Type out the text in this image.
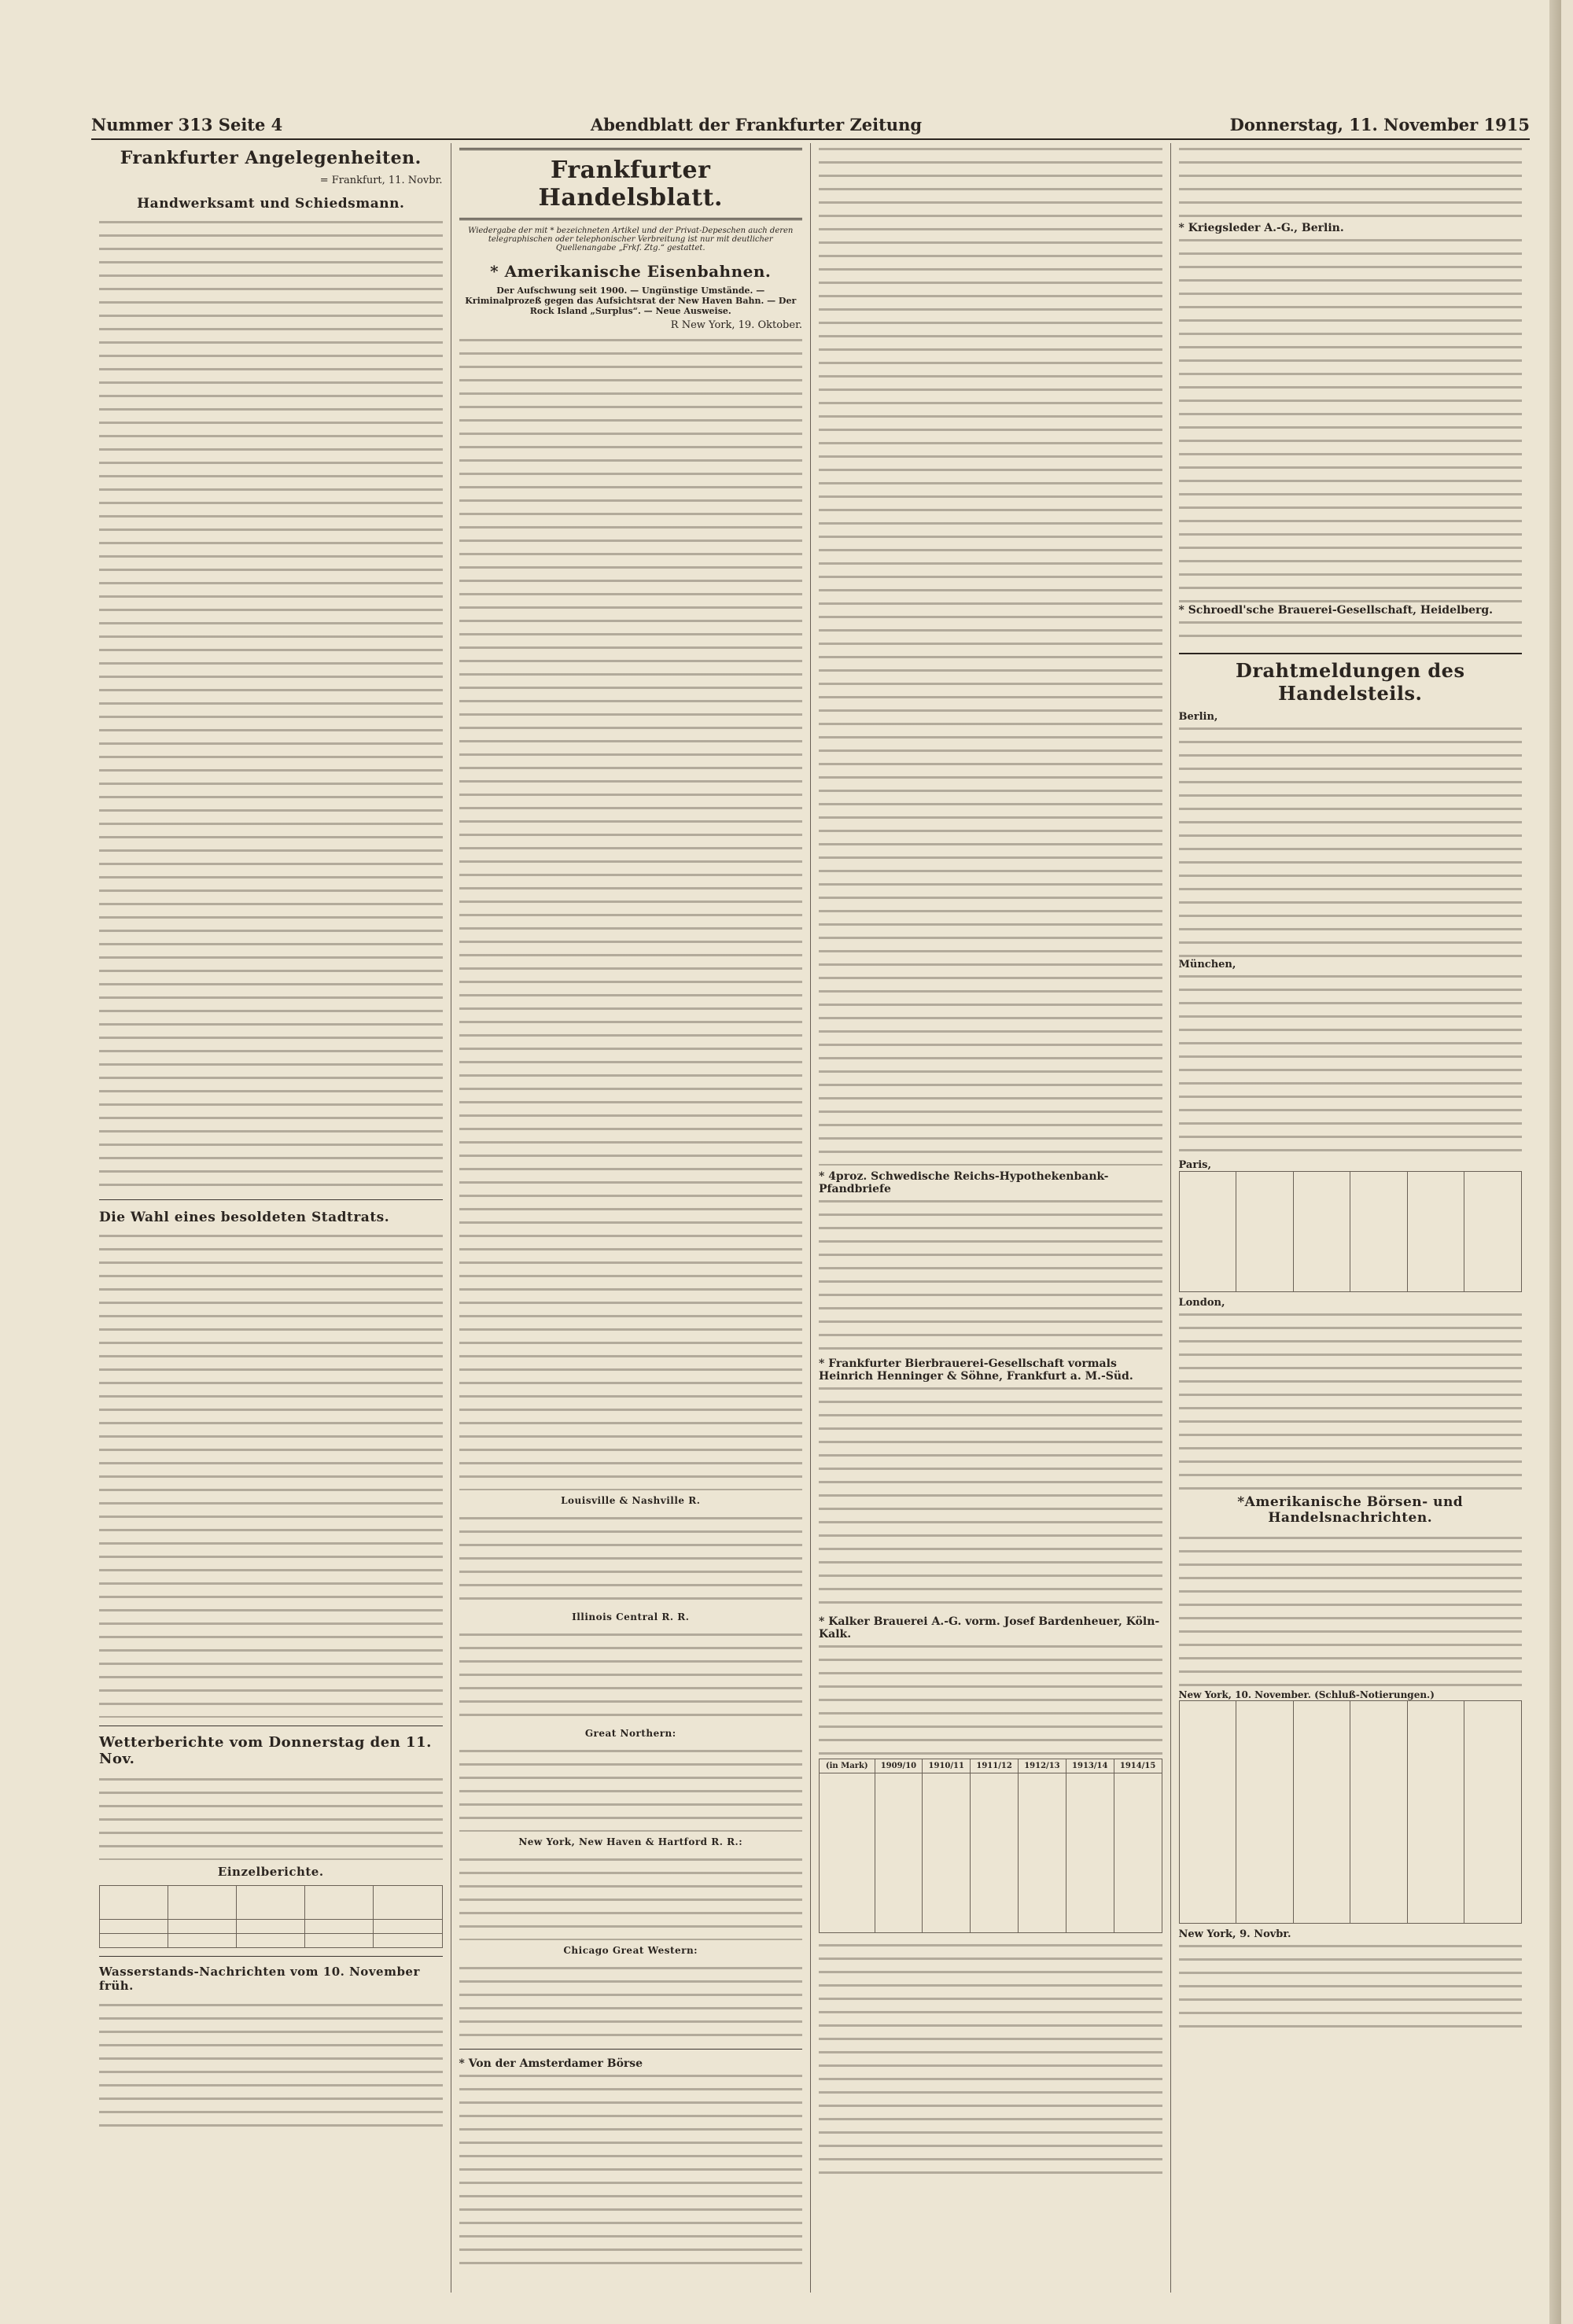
Nummer 313 Seite 4	Abendblatt der Frankfurter Zeitung	Donnerstag, 11. November 1915
Frankfurter Angelegenheiten.
= Frankfurt, 11. Novbr.
Handwerksamt und Schiedsmann.
Die Wahl eines besoldeten Stadtrats.
Wetterberichte vom Donnerstag den 11. Nov.
Einzelberichte.

Wasserstands-Nachrichten vom 10. November früh.
Frankfurter Handelsblatt.
Wiedergabe der mit * bezeichneten Artikel und der Privat-Depeschen auch deren telegraphischen oder telephonischer Verbreitung ist nur mit deutlicher Quellenangabe „Frkf. Ztg.“ gestattet.
* Amerikanische Eisenbahnen.
Der Aufschwung seit 1900. — Ungünstige Umstände. — Kriminalprozeß gegen das Aufsichtsrat der New Haven Bahn. — Der Rock Island „Surplus“. — Neue Ausweise.
R New York, 19. Oktober.
Louisville & Nashville R.
Illinois Central R. R.
Great Northern:
New York, New Haven & Hartford R. R.:
Chicago Great Western:
* Von der Amsterdamer Börse
* 4proz. Schwedische Reichs-Hypothekenbank-Pfandbriefe
* Frankfurter Bierbrauerei-Gesellschaft vormals Heinrich Henninger & Söhne, Frankfurt a. M.-Süd.
* Kalker Brauerei A.-G. vorm. Josef Bardenheuer, Köln-Kalk.
(in Mark)	1909/10	1910/11	1911/12	1912/13	1913/14	1914/15

* Kriegsleder A.-G., Berlin.
* Schroedl'sche Brauerei-Gesellschaft, Heidelberg.
Drahtmeldungen des Handelsteils.
Berlin,
München,
Paris,

London,
*Amerikanische Börsen- und Handelsnachrichten.
New York, 10. November. (Schluß-Notierungen.)

New York, 9. Novbr.
